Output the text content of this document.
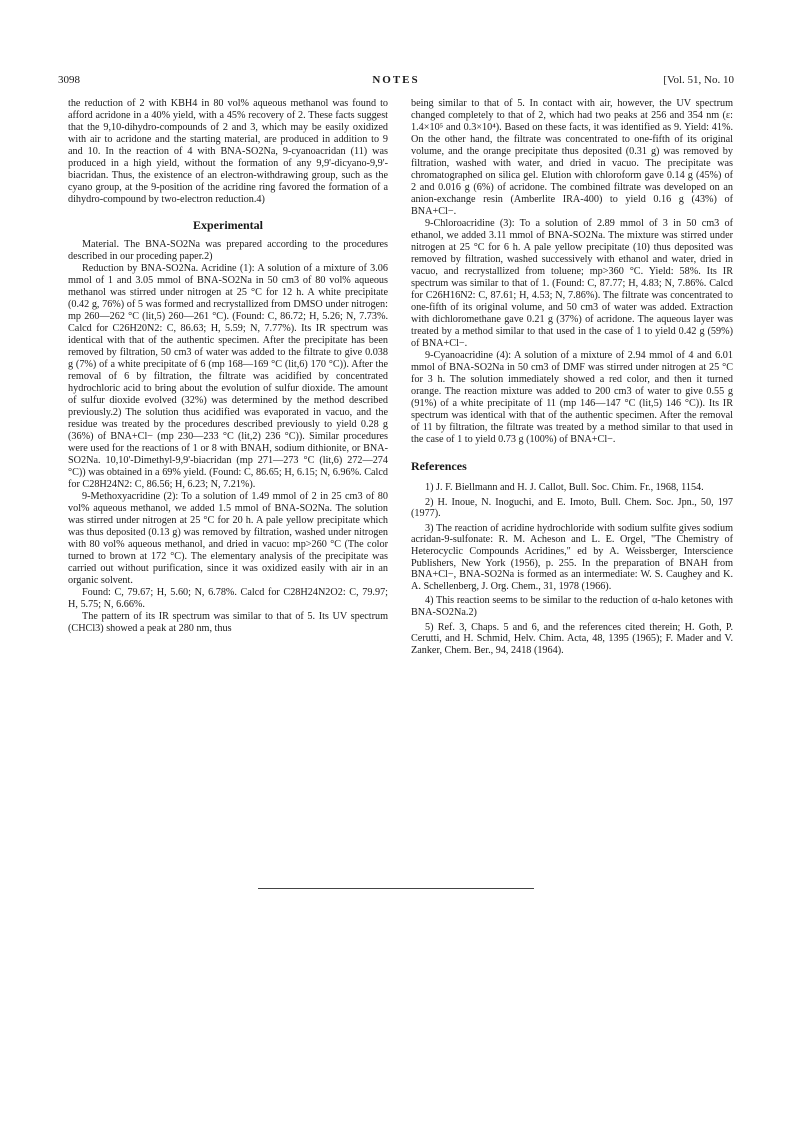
3098	NOTES	[Vol. 51, No. 10

the reduction of 2 with KBH4 in 80 vol% aqueous methanol was found to afford acridone in a 40% yield, with a 45% recovery of 2. These facts suggest that the 9,10-dihydro-compounds of 2 and 3, which may be easily oxidized with air to acridone and the starting material, are produced in addition to 9 and 10. In the reaction of 4 with BNA-SO2Na, 9-cyanoacridan (11) was produced in a high yield, without the formation of any 9,9'-dicyano-9,9'-biacridan. Thus, the existence of an electron-withdrawing group, such as the cyano group, at the 9-position of the acridine ring favored the formation of a dihydro-compound by two-electron reduction.4)

Experimental

Material. The BNA-SO2Na was prepared according to the procedures described in our proceding paper.2)

Reduction by BNA-SO2Na. Acridine (1): A solution of a mixture of 3.06 mmol of 1 and 3.05 mmol of BNA-SO2Na in 50 cm3 of 80 vol% aqueous methanol was stirred under nitrogen at 25 °C for 12 h. A white precipitate (0.42 g, 76%) of 5 was formed and recrystallized from DMSO under nitrogen: mp 260—262 °C (lit,5) 260—261 °C). (Found: C, 86.72; H, 5.26; N, 7.73%. Calcd for C26H20N2: C, 86.63; H, 5.59; N, 7.77%). Its IR spectrum was identical with that of the authentic specimen. After the precipitate has been removed by filtration, 50 cm3 of water was added to the filtrate to give 0.038 g (7%) of a white precipitate of 6 (mp 168—169 °C (lit,6) 170 °C)). After the removal of 6 by filtration, the filtrate was acidified by concentrated hydrochloric acid to bring about the evolution of sulfur dioxide. The amount of sulfur dioxide evolved (32%) was determined by the method described previously.2) The solution thus acidified was evaporated in vacuo, and the residue was treated by the procedures described previously to yield 0.28 g (36%) of BNA+Cl− (mp 230—233 °C (lit,2) 236 °C)). Similar procedures were used for the reactions of 1 or 8 with BNAH, sodium dithionite, or BNA-SO2Na. 10,10'-Dimethyl-9,9'-biacridan (mp 271—273 °C (lit,6) 272—274 °C)) was obtained in a 69% yield. (Found: C, 86.65; H, 6.15; N, 6.96%. Calcd for C28H24N2: C, 86.56; H, 6.23; N, 7.21%).

9-Methoxyacridine (2): To a solution of 1.49 mmol of 2 in 25 cm3 of 80 vol% aqueous methanol, we added 1.5 mmol of BNA-SO2Na. The solution was stirred under nitrogen at 25 °C for 20 h. A pale yellow precipitate which was thus deposited (0.13 g) was removed by filtration, washed under nitrogen with 80 vol% aqueous methanol, and dried in vacuo: mp>260 °C (The color turned to brown at 172 °C). The elementary analysis of the precipitate was carried out without purification, since it was oxidized easily with air in an organic solvent.

Found: C, 79.67; H, 5.60; N, 6.78%. Calcd for C28H24N2O2: C, 79.97; H, 5.75; N, 6.66%.

The pattern of its IR spectrum was similar to that of 5. Its UV spectrum (CHCl3) showed a peak at 280 nm, thus

being similar to that of 5. In contact with air, however, the UV spectrum changed completely to that of 2, which had two peaks at 256 and 354 nm (ε: 1.4×10⁵ and 0.3×10⁴). Based on these facts, it was identified as 9. Yield: 41%. On the other hand, the filtrate was concentrated to one-fifth of its original volume, and the orange precipitate thus deposited (0.31 g) was removed by filtration, washed with water, and dried in vacuo. The precipitate was chromatographed on silica gel. Elution with chloroform gave 0.14 g (45%) of 2 and 0.016 g (6%) of acridone. The combined filtrate was developed on an anion-exchange resin (Amberlite IRA-400) to yield 0.16 g (43%) of BNA+Cl−.

9-Chloroacridine (3): To a solution of 2.89 mmol of 3 in 50 cm3 of ethanol, we added 3.11 mmol of BNA-SO2Na. The mixture was stirred under nitrogen at 25 °C for 6 h. A pale yellow precipitate (10) thus deposited was removed by filtration, washed successively with ethanol and water, dried in vacuo, and recrystallized from toluene; mp>360 °C. Yield: 58%. Its IR spectrum was similar to that of 1. (Found: C, 87.77; H, 4.83; N, 7.86%. Calcd for C26H16N2: C, 87.61; H, 4.53; N, 7.86%). The filtrate was concentrated to one-fifth of its original volume, and 50 cm3 of water was added. Extraction with dichloromethane gave 0.21 g (37%) of acridone. The aqueous layer was treated by a method similar to that used in the case of 1 to yield 0.42 g (59%) of BNA+Cl−.

9-Cyanoacridine (4): A solution of a mixture of 2.94 mmol of 4 and 6.01 mmol of BNA-SO2Na in 50 cm3 of DMF was stirred under nitrogen at 25 °C for 3 h. The solution immediately showed a red color, and then it turned orange. The reaction mixture was added to 200 cm3 of water to give 0.55 g (91%) of a white precipitate of 11 (mp 146—147 °C (lit,5) 146 °C)). Its IR spectrum was identical with that of the authentic specimen. After the removal of 11 by filtration, the filtrate was treated by a method similar to that used in the case of 1 to yield 0.73 g (100%) of BNA+Cl−.

References

1) J. F. Biellmann and H. J. Callot, Bull. Soc. Chim. Fr., 1968, 1154.

2) H. Inoue, N. Inoguchi, and E. Imoto, Bull. Chem. Soc. Jpn., 50, 197 (1977).

3) The reaction of acridine hydrochloride with sodium sulfite gives sodium acridan-9-sulfonate: R. M. Acheson and L. E. Orgel, "The Chemistry of Heterocyclic Compounds Acridines," ed by A. Weissberger, Interscience Publishers, New York (1956), p. 255. In the preparation of BNAH from BNA+Cl−, BNA-SO2Na is formed as an intermediate: W. S. Caughey and K. A. Schellenberg, J. Org. Chem., 31, 1978 (1966).

4) This reaction seems to be similar to the reduction of α-halo ketones with BNA-SO2Na.2)

5) Ref. 3, Chaps. 5 and 6, and the references cited therein; H. Goth, P. Cerutti, and H. Schmid, Helv. Chim. Acta, 48, 1395 (1965); F. Mader and V. Zanker, Chem. Ber., 94, 2418 (1964).
